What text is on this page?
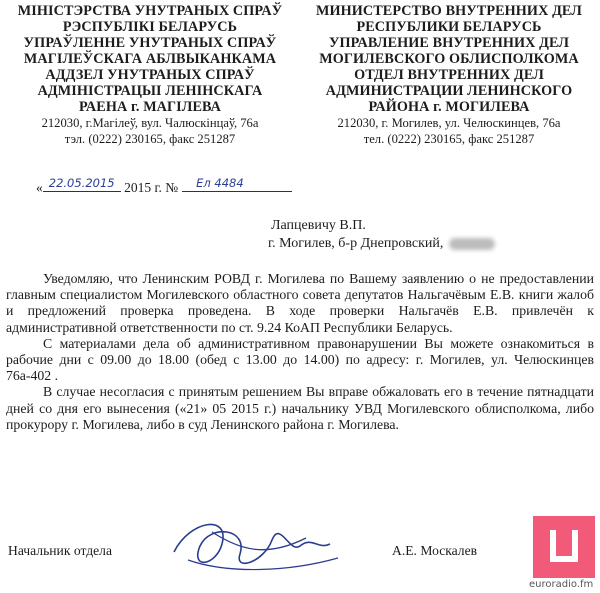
МІНІСТЭРСТВА УНУТРАНЫХ СПРАЎ
РЭСПУБЛІКІ БЕЛАРУСЬ
УПРАЎЛЕННЕ УНУТРАНЫХ СПРАЎ
МАГІЛЕЎСКАГА АБЛВЫКАНКАМА
АДДЗЕЛ УНУТРАНЫХ СПРАЎ
АДМІНІСТРАЦЫІ ЛЕНІНСКАГА
РАЕНА г. МАГІЛЕВА
212030, г.Магілеў, вул. Чалюскінцаў, 76а
тэл. (0222) 230165, факс 251287
МИНИСТЕРСТВО ВНУТРЕННИХ ДЕЛ
РЕСПУБЛИКИ БЕЛАРУСЬ
УПРАВЛЕНИЕ ВНУТРЕННИХ ДЕЛ
МОГИЛЕВСКОГО ОБЛИСПОЛКОМА
ОТДЕЛ ВНУТРЕННИХ ДЕЛ
АДМИНИСТРАЦИИ ЛЕНИНСКОГО
РАЙОНА г. МОГИЛЕВА
212030, г. Могилев, ул. Челюскинцев, 76а
тел. (0222) 230165, факс 251287
« 22.05.2015 2015 г. № Ел 4484
Лапцевичу В.П.
г. Могилев, б-р Днепровский,

Уведомляю, что Ленинским РОВД г. Могилева по Вашему заявлению о не предоставлении главным специалистом Могилевского областного совета депутатов Нальгачёвым Е.В. книги жалоб и предложений проверка проведена. В ходе проверки Нальгачёв Е.В. привлечён к административной ответственности по ст. 9.24 КоАП Республики Беларусь.

С материалами дела об административном правонарушении Вы можете ознакомиться в рабочие дни с 09.00 до 18.00 (обед с 13.00 до 14.00) по адресу: г. Могилев, ул. Челюскинцев 76а-402 .

В случае несогласия с принятым решением Вы вправе обжаловать его в течение пятнадцати дней со дня его вынесения («21» 05 2015 г.) начальнику УВД Могилевского облисполкома, либо прокурору г. Могилева, либо в суд Ленинского района г. Могилева.

Начальник отдела	А.Е. Москалев
euroradio.fm
